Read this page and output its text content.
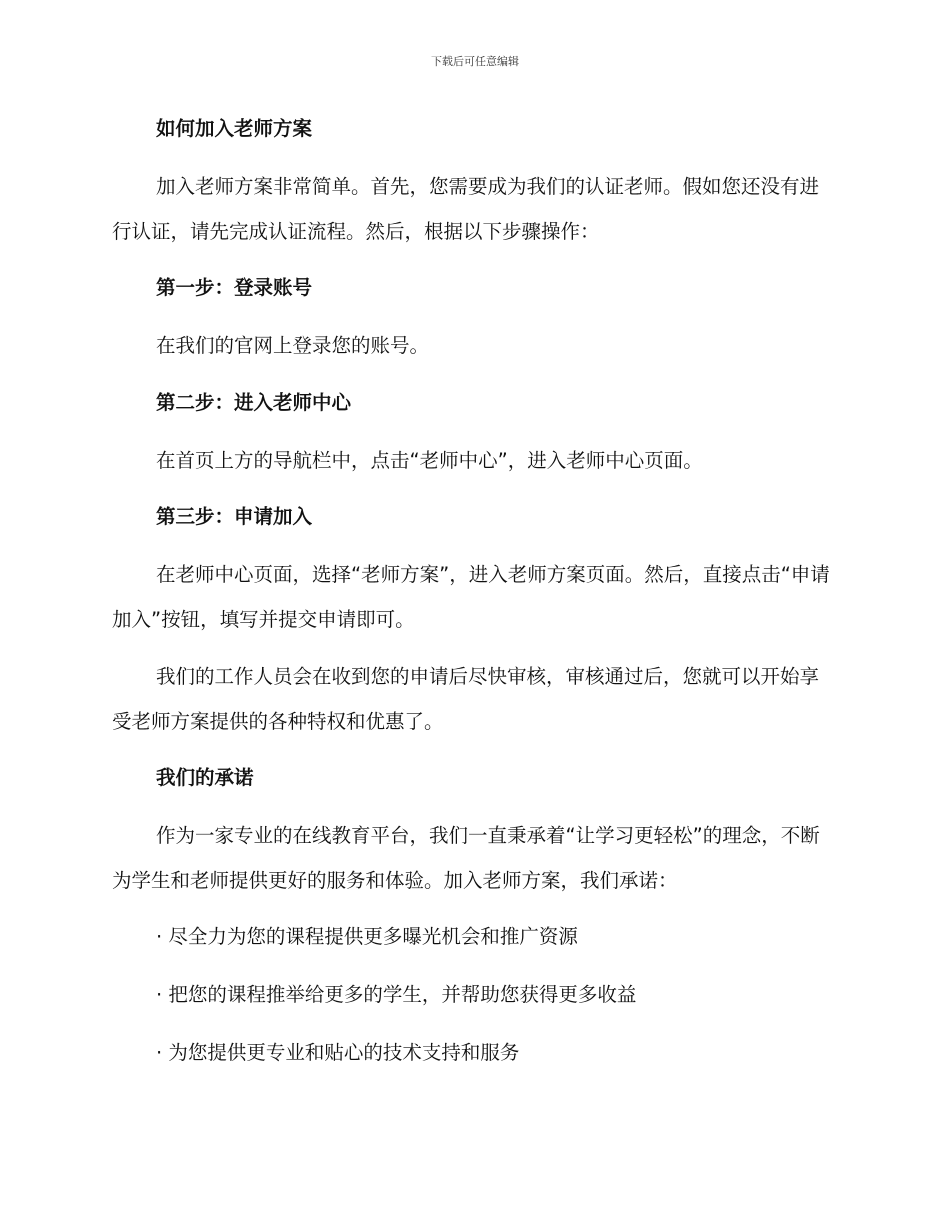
下载后可任意编辑
如何加入老师方案
加入老师方案非常简单。首先，您需要成为我们的认证老师。假如您还没有进行认证，请先完成认证流程。然后，根据以下步骤操作：
第一步：登录账号
在我们的官网上登录您的账号。
第二步：进入老师中心
在首页上方的导航栏中，点击“老师中心”，进入老师中心页面。
第三步：申请加入
在老师中心页面，选择“老师方案”，进入老师方案页面。然后，直接点击“申请加入”按钮，填写并提交申请即可。
我们的工作人员会在收到您的申请后尽快审核，审核通过后，您就可以开始享受老师方案提供的各种特权和优惠了。
我们的承诺
作为一家专业的在线教育平台，我们一直秉承着“让学习更轻松”的理念，不断为学生和老师提供更好的服务和体验。加入老师方案，我们承诺：
· 尽全力为您的课程提供更多曝光机会和推广资源
· 把您的课程推举给更多的学生，并帮助您获得更多收益
· 为您提供更专业和贴心的技术支持和服务
